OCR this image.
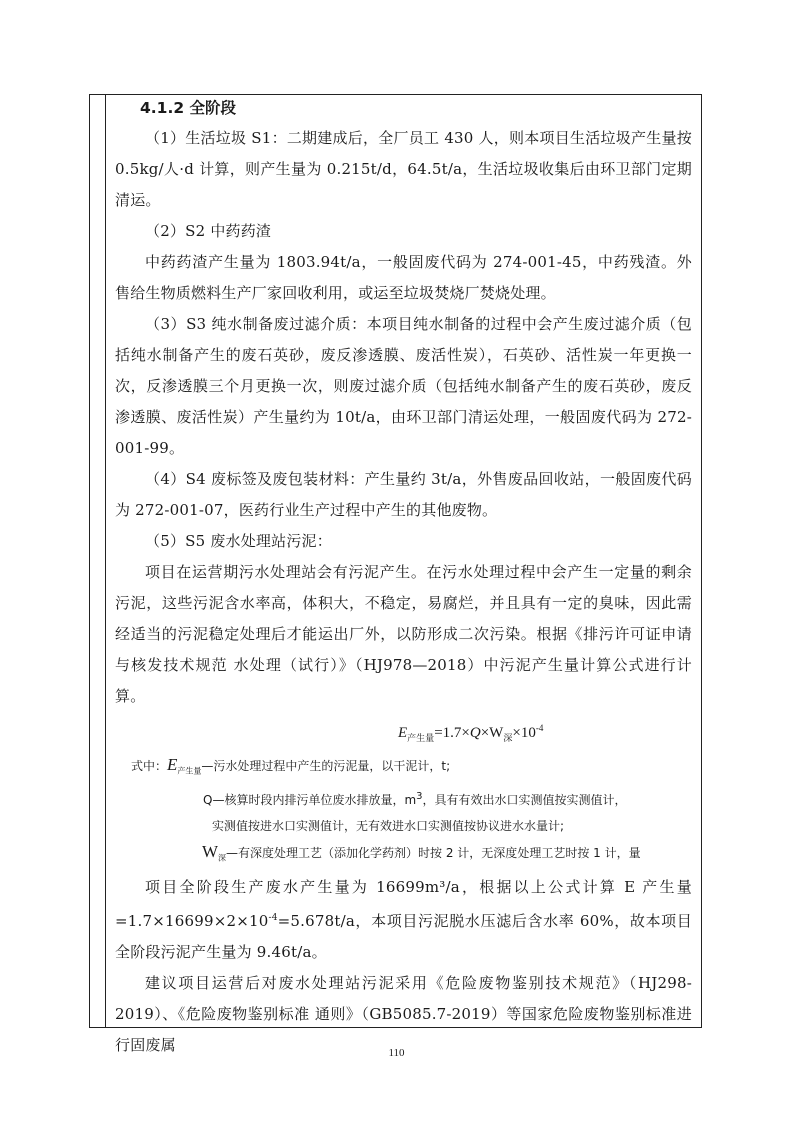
4.1.2 全阶段

（1）生活垃圾 S1：二期建成后，全厂员工 430 人，则本项目生活垃圾产生量按 0.5kg/人·d 计算，则产生量为 0.215t/d，64.5t/a，生活垃圾收集后由环卫部门定期清运。

（2）S2 中药药渣

中药药渣产生量为 1803.94t/a，一般固废代码为 274-001-45，中药残渣。外售给生物质燃料生产厂家回收利用，或运至垃圾焚烧厂焚烧处理。

（3）S3 纯水制备废过滤介质：本项目纯水制备的过程中会产生废过滤介质（包括纯水制备产生的废石英砂，废反渗透膜、废活性炭），石英砂、活性炭一年更换一次，反渗透膜三个月更换一次，则废过滤介质（包括纯水制备产生的废石英砂，废反渗透膜、废活性炭）产生量约为 10t/a，由环卫部门清运处理，一般固废代码为 272-001-99。

（4）S4 废标签及废包装材料：产生量约 3t/a，外售废品回收站，一般固废代码为 272-001-07，医药行业生产过程中产生的其他废物。

（5）S5 废水处理站污泥：

项目在运营期污水处理站会有污泥产生。在污水处理过程中会产生一定量的剩余污泥，这些污泥含水率高，体积大，不稳定，易腐烂，并且具有一定的臭味，因此需经适当的污泥稳定处理后才能运出厂外，以防形成二次污染。根据《排污许可证申请与核发技术规范 水处理（试行）》（HJ978—2018）中污泥产生量计算公式进行计算。

$E_{产生量}=1.7\times Q\times W_深\times 10^{-4}$
式中：$E_{产生量}—$污水处理过程中产生的污泥量，以干泥计，t;
Q—核算时段内排污单位废水排放量，$m^3$，具有有效出水口实测值按实测值计，
实测值按进水口实测值计，无有效进水口实测值按协议进水水量计;
$W_深—$有深度处理工艺（添加化学药剂）时按 2 计，无深度处理工艺时按 1 计，量

项目全阶段生产废水产生量为 16699m³/a，根据以上公式计算 E 产生量$=1.7\times 16699\times 2\times 10^{-4}=5.678t/a$，本项目污泥脱水压滤后含水率 60%，故本项目全阶段污泥产生量为 9.46t/a。

建议项目运营后对废水处理站污泥采用《危险废物鉴别技术规范》（HJ298-2019）、《危险废物鉴别标准 通则》（GB5085.7-2019）等国家危险废物鉴别标准进行固废属	110
